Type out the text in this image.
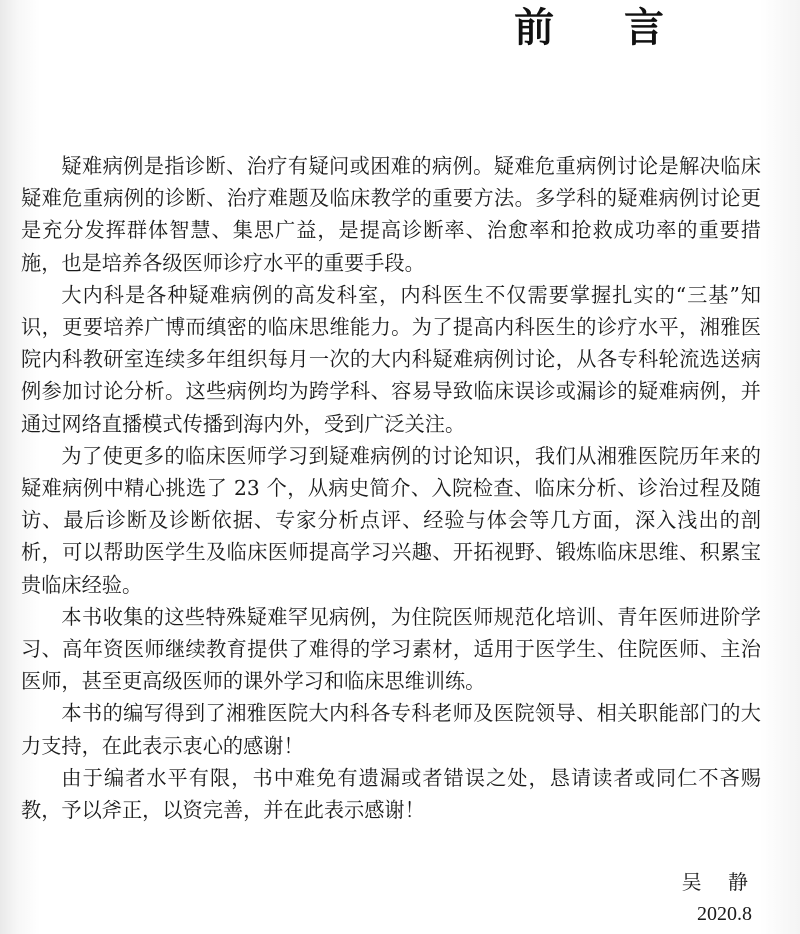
前 言

疑难病例是指诊断、治疗有疑问或困难的病例。疑难危重病例讨论是解决临床疑难危重病例的诊断、治疗难题及临床教学的重要方法。多学科的疑难病例讨论更是充分发挥群体智慧、集思广益，是提高诊断率、治愈率和抢救成功率的重要措施，也是培养各级医师诊疗水平的重要手段。

大内科是各种疑难病例的高发科室，内科医生不仅需要掌握扎实的“三基”知识，更要培养广博而缜密的临床思维能力。为了提高内科医生的诊疗水平，湘雅医院内科教研室连续多年组织每月一次的大内科疑难病例讨论，从各专科轮流选送病例参加讨论分析。这些病例均为跨学科、容易导致临床误诊或漏诊的疑难病例，并通过网络直播模式传播到海内外，受到广泛关注。

为了使更多的临床医师学习到疑难病例的讨论知识，我们从湘雅医院历年来的疑难病例中精心挑选了 23 个，从病史简介、入院检查、临床分析、诊治过程及随访、最后诊断及诊断依据、专家分析点评、经验与体会等几方面，深入浅出的剖析，可以帮助医学生及临床医师提高学习兴趣、开拓视野、锻炼临床思维、积累宝贵临床经验。

本书收集的这些特殊疑难罕见病例，为住院医师规范化培训、青年医师进阶学习、高年资医师继续教育提供了难得的学习素材，适用于医学生、住院医师、主治医师，甚至更高级医师的课外学习和临床思维训练。

本书的编写得到了湘雅医院大内科各专科老师及医院领导、相关职能部门的大力支持，在此表示衷心的感谢！

由于编者水平有限，书中难免有遗漏或者错误之处，恳请读者或同仁不吝赐教，予以斧正，以资完善，并在此表示感谢！

吴 静
2020.8
